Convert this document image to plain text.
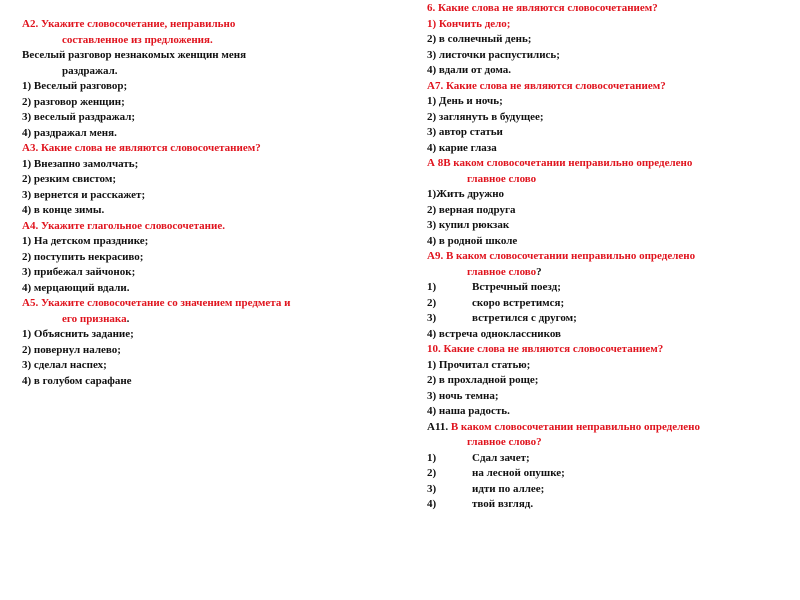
А2. Укажите словосочетание, неправильно
составленное из предложения.
Веселый разговор незнакомых женщин меня
раздражал.
1) Веселый разговор;
2) разговор женщин;
3) веселый раздражал;
4) раздражал меня.
А3. Какие слова не являются словосочетанием?
1) Внезапно замолчать;
2) резким свистом;
3) вернется и расскажет;
4) в конце зимы.
А4. Укажите глагольное словосочетание.
1) На детском празднике;
2) поступить некрасиво;
3) прибежал зайчонок;
4) мерцающий вдали.
А5. Укажите словосочетание со значением предмета и
его признака.
1) Объяснить задание;
2) повернул налево;
3) сделал наспех;
4) в голубом сарафане
6. Какие слова не являются словосочетанием?
1) Кончить дело;
2) в солнечный день;
3) листочки распустились;
4) вдали от дома.
А7. Какие слова не являются словосочетанием?
1) День и ночь;
2) заглянуть в будущее;
3) автор статьи
4) карие глаза
А 8В каком словосочетании неправильно определено
главное слово
1)Жить дружно
2) верная подруга
3) купил рюкзак
4) в родной школе
А9. В каком словосочетании неправильно определено
главное слово?
1)	Встречный поезд;
2)	скоро встретимся;
3)	встретился с другом;
4) встреча одноклассников
10. Какие слова не являются словосочетанием?
1) Прочитал статью;
2) в прохладной роще;
3) ночь темна;
4) наша радость.
А11. В каком словосочетании неправильно определено
главное слово?
1)	Сдал зачет;
2)	на лесной опушке;
3)	идти по аллее;
4)	твой взгляд.
